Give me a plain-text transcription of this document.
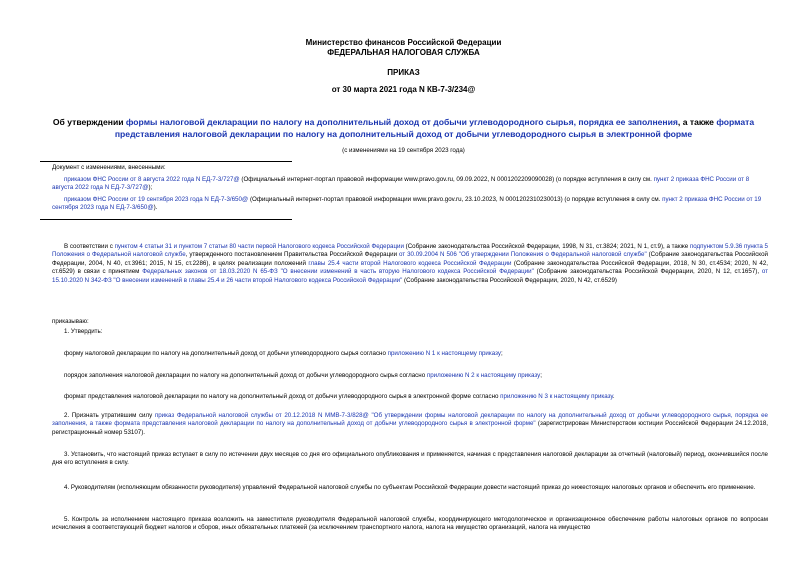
Министерство финансов Российской Федерации
ФЕДЕРАЛЬНАЯ НАЛОГОВАЯ СЛУЖБА
ПРИКАЗ
от 30 марта 2021 года N КВ-7-3/234@
Об утверждении формы налоговой декларации по налогу на дополнительный доход от добычи углеводородного сырья, порядка ее заполнения, а также формата представления налоговой декларации по налогу на дополнительный доход от добычи углеводородного сырья в электронной форме
(с изменениями на 19 сентября 2023 года)
Документ с изменениями, внесенными:
приказом ФНС России от 8 августа 2022 года N ЕД-7-3/727@ (Официальный интернет-портал правовой информации www.pravo.gov.ru, 09.09.2022, N 0001202209090028) (о порядке вступления в силу см. пункт 2 приказа ФНС России от 8 августа 2022 года N ЕД-7-3/727@);
приказом ФНС России от 19 сентября 2023 года N ЕД-7-3/650@ (Официальный интернет-портал правовой информации www.pravo.gov.ru, 23.10.2023, N 0001202310230013) (о порядке вступления в силу см. пункт 2 приказа ФНС России от 19 сентября 2023 года N ЕД-7-3/650@).
В соответствии с пунктом 4 статьи 31 и пунктом 7 статьи 80 части первой Налогового кодекса Российской Федерации (Собрание законодательства Российской Федерации, 1998, N 31, ст.3824; 2021, N 1, ст.9), а также подпунктом 5.9.36 пункта 5 Положения о Федеральной налоговой службе, утвержденного постановлением Правительства Российской Федерации от 30.09.2004 N 506 "Об утверждении Положения о Федеральной налоговой службе" (Собрание законодательства Российской Федерации, 2004, N 40, ст.3961; 2015, N 15, ст.2286), в целях реализации положений главы 25.4 части второй Налогового кодекса Российской Федерации (Собрание законодательства Российской Федерации, 2018, N 30, ст.4534; 2020, N 42, ст.6529) в связи с принятием Федеральных законов от 18.03.2020 N 65-ФЗ "О внесении изменений в часть вторую Налогового кодекса Российской Федерации" (Собрание законодательства Российской Федерации, 2020, N 12, ст.1657), от 15.10.2020 N 342-ФЗ "О внесении изменений в главы 25.4 и 26 части второй Налогового кодекса Российской Федерации" (Собрание законодательства Российской Федерации, 2020, N 42, ст.6529)
приказываю:
1. Утвердить:
форму налоговой декларации по налогу на дополнительный доход от добычи углеводородного сырья согласно приложению N 1 к настоящему приказу;
порядок заполнения налоговой декларации по налогу на дополнительный доход от добычи углеводородного сырья согласно приложению N 2 к настоящему приказу;
формат представления налоговой декларации по налогу на дополнительный доход от добычи углеводородного сырья в электронной форме согласно приложению N 3 к настоящему приказу.
2. Признать утратившим силу приказ Федеральной налоговой службы от 20.12.2018 N ММВ-7-3/828@ "Об утверждении формы налоговой декларации по налогу на дополнительный доход от добычи углеводородного сырья, порядка ее заполнения, а также формата представления налоговой декларации по налогу на дополнительный доход от добычи углеводородного сырья в электронной форме" (зарегистрирован Министерством юстиции Российской Федерации 24.12.2018, регистрационный номер 53107).
3. Установить, что настоящий приказ вступает в силу по истечении двух месяцев со дня его официального опубликования и применяется, начиная с представления налоговой декларации за отчетный (налоговый) период, окончившийся после дня его вступления в силу.
4. Руководителям (исполняющим обязанности руководителя) управлений Федеральной налоговой службы по субъектам Российской Федерации довести настоящий приказ до нижестоящих налоговых органов и обеспечить его применение.
5. Контроль за исполнением настоящего приказа возложить на заместителя руководителя Федеральной налоговой службы, координирующего методологическое и организационное обеспечение работы налоговых органов по вопросам исчисления в соответствующий бюджет налогов и сборов, иных обязательных платежей (за исключением транспортного налога, налога на имущество организаций, налога на имущество
